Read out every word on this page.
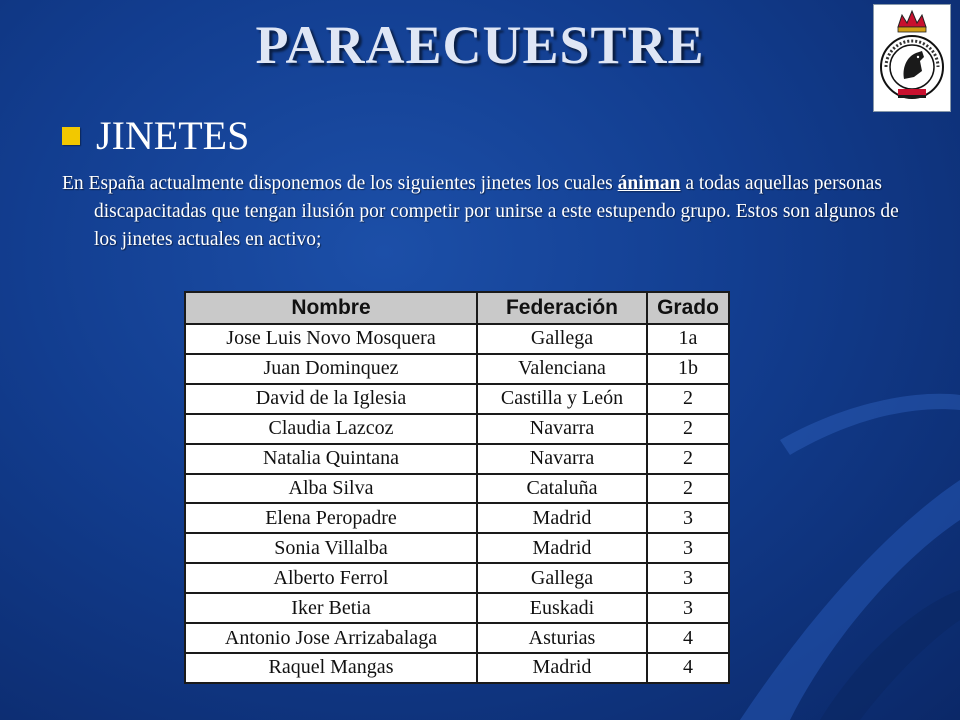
PARAECUESTRE
JINETES
En España actualmente disponemos de los siguientes jinetes los cuales ániman a todas aquellas personas discapacitadas que tengan ilusión por competir por unirse a este estupendo grupo. Estos son algunos de los jinetes actuales en activo;
Nombre	Federación	Grado
Jose Luis Novo Mosquera	Gallega	1a
Juan Dominquez	Valenciana	1b
David de la Iglesia	Castilla y León	2
Claudia Lazcoz	Navarra	2
Natalia Quintana	Navarra	2
Alba Silva	Cataluña	2
Elena Peropadre	Madrid	3
Sonia Villalba	Madrid	3
Alberto Ferrol	Gallega	3
Iker Betia	Euskadi	3
Antonio Jose Arrizabalaga	Asturias	4
Raquel Mangas	Madrid	4
